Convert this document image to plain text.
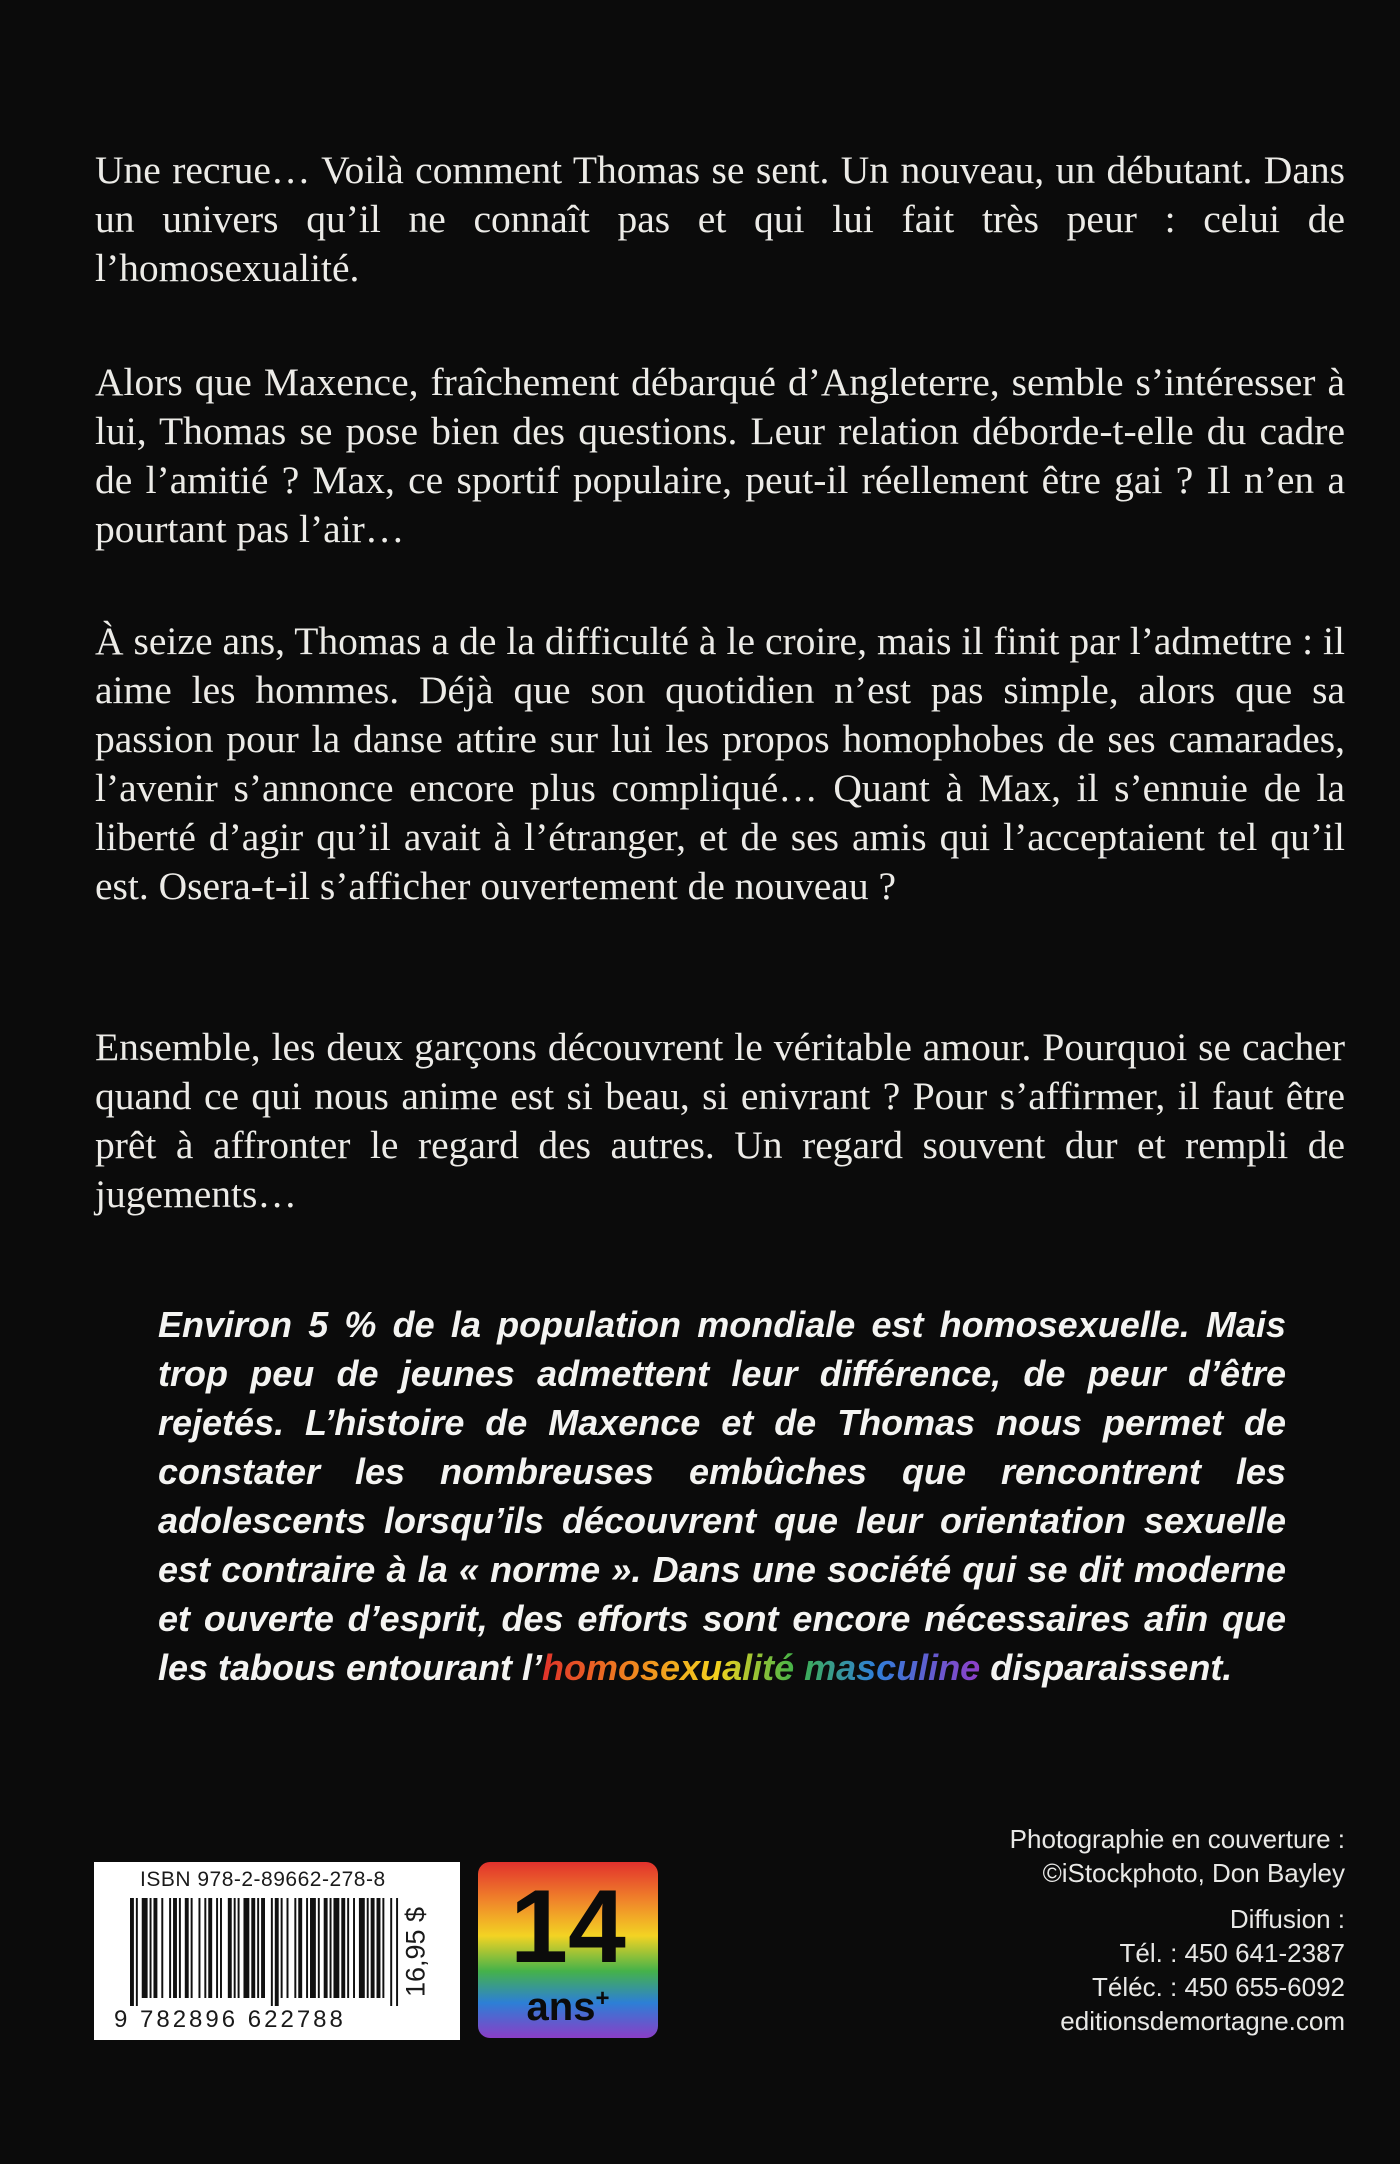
Une recrue… Voilà comment Thomas se sent. Un nouveau, un débutant. Dans un univers qu’il ne connaît pas et qui lui fait très peur : celui de l’homosexualité.

Alors que Maxence, fraîchement débarqué d’Angleterre, semble s’intéresser à lui, Thomas se pose bien des questions. Leur relation déborde-t-elle du cadre de l’amitié ? Max, ce sportif populaire, peut-il réellement être gai ? Il n’en a pourtant pas l’air…

À seize ans, Thomas a de la difficulté à le croire, mais il finit par l’admettre : il aime les hommes. Déjà que son quotidien n’est pas simple, alors que sa passion pour la danse attire sur lui les propos homophobes de ses camarades, l’avenir s’annonce encore plus compliqué… Quant à Max, il s’ennuie de la liberté d’agir qu’il avait à l’étranger, et de ses amis qui l’acceptaient tel qu’il est. Osera-t-il s’afficher ouvertement de nouveau ?

Ensemble, les deux garçons découvrent le véritable amour. Pourquoi se cacher quand ce qui nous anime est si beau, si enivrant ? Pour s’affirmer, il faut être prêt à affronter le regard des autres. Un regard souvent dur et rempli de jugements…

Environ 5 % de la population mondiale est homosexuelle. Mais trop peu de jeunes admettent leur différence, de peur d’être rejetés. L’histoire de Maxence et de Thomas nous permet de constater les nombreuses embûches que rencontrent les adolescents lorsqu’ils découvrent que leur orientation sexuelle est contraire à la « norme ». Dans une société qui se dit moderne et ouverte d’esprit, des efforts sont encore nécessaires afin que les tabous entourant l’homosexualité masculine disparaissent.

ISBN 978-2-89662-278-8
9 782896 622788
16,95 $ 14
ans+
Photographie en couverture :
©iStockphoto, Don Bayley
Diffusion :
Tél. : 450 641-2387
Téléc. : 450 655-6092
editionsdemortagne.com
